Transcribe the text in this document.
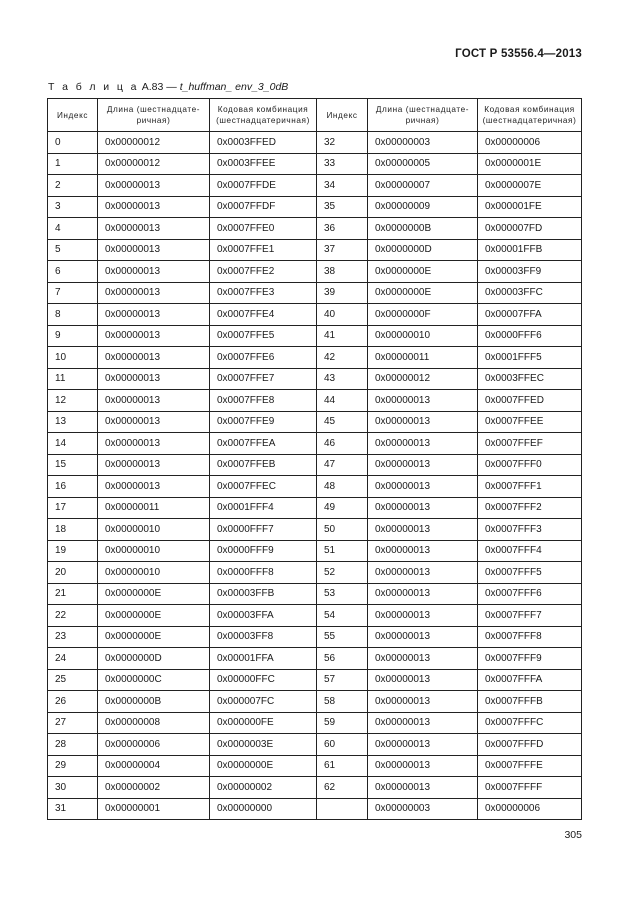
ГОСТ Р 53556.4—2013
Т а б л и ц а А.83 — t_huffman_ env_3_0dB
Индекс	Длина (шестнадцате-ричная)	Кодовая комбинация (шестнадцатеричная)	Индекс	Длина (шестнадцате-ричная)	Кодовая комбинация (шестнадцатеричная)
0	0x00000012	0x0003FFED	32	0x00000003	0x00000006
1	0x00000012	0x0003FFEE	33	0x00000005	0x0000001E
2	0x00000013	0x0007FFDE	34	0x00000007	0x0000007E
3	0x00000013	0x0007FFDF	35	0x00000009	0x000001FE
4	0x00000013	0x0007FFE0	36	0x0000000B	0x000007FD
5	0x00000013	0x0007FFE1	37	0x0000000D	0x00001FFB
6	0x00000013	0x0007FFE2	38	0x0000000E	0x00003FF9
7	0x00000013	0x0007FFE3	39	0x0000000E	0x00003FFC
8	0x00000013	0x0007FFE4	40	0x0000000F	0x00007FFA
9	0x00000013	0x0007FFE5	41	0x00000010	0x0000FFF6
10	0x00000013	0x0007FFE6	42	0x00000011	0x0001FFF5
11	0x00000013	0x0007FFE7	43	0x00000012	0x0003FFEC
12	0x00000013	0x0007FFE8	44	0x00000013	0x0007FFED
13	0x00000013	0x0007FFE9	45	0x00000013	0x0007FFEE
14	0x00000013	0x0007FFEA	46	0x00000013	0x0007FFEF
15	0x00000013	0x0007FFEB	47	0x00000013	0x0007FFF0
16	0x00000013	0x0007FFEC	48	0x00000013	0x0007FFF1
17	0x00000011	0x0001FFF4	49	0x00000013	0x0007FFF2
18	0x00000010	0x0000FFF7	50	0x00000013	0x0007FFF3
19	0x00000010	0x0000FFF9	51	0x00000013	0x0007FFF4
20	0x00000010	0x0000FFF8	52	0x00000013	0x0007FFF5
21	0x0000000E	0x00003FFB	53	0x00000013	0x0007FFF6
22	0x0000000E	0x00003FFA	54	0x00000013	0x0007FFF7
23	0x0000000E	0x00003FF8	55	0x00000013	0x0007FFF8
24	0x0000000D	0x00001FFA	56	0x00000013	0x0007FFF9
25	0x0000000C	0x00000FFC	57	0x00000013	0x0007FFFA
26	0x0000000B	0x000007FC	58	0x00000013	0x0007FFFB
27	0x00000008	0x000000FE	59	0x00000013	0x0007FFFC
28	0x00000006	0x0000003E	60	0x00000013	0x0007FFFD
29	0x00000004	0x0000000E	61	0x00000013	0x0007FFFE
30	0x00000002	0x00000002	62	0x00000013	0x0007FFFF
31	0x00000001	0x00000000		0x00000003	0x00000006
305
